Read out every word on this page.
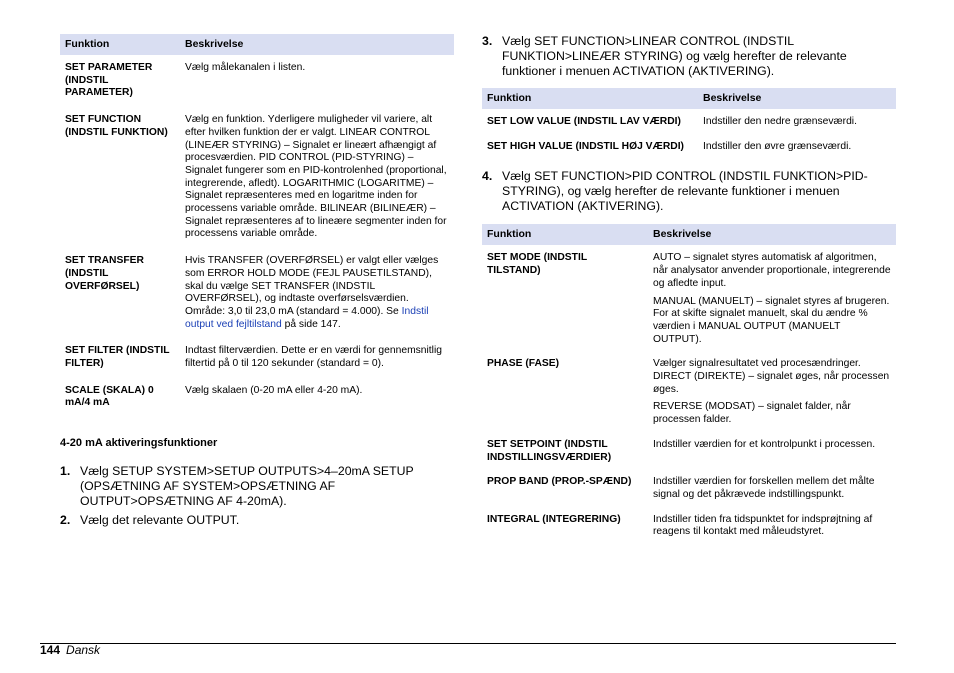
Funktion	Beskrivelse
SET PARAMETER (INDSTIL PARAMETER)	Vælg målekanalen i listen.
SET FUNCTION (INDSTIL FUNKTION)	Vælg en funktion. Yderligere muligheder vil variere, alt efter hvilken funktion der er valgt. LINEAR CONTROL (LINEÆR STYRING) – Signalet er lineært afhængigt af procesværdien. PID CONTROL (PID-STYRING) – Signalet fungerer som en PID-kontrolenhed (proportional, integrerende, afledt). LOGARITHMIC (LOGARITME) – Signalet repræsenteres med en logaritme inden for processens variable område. BILINEAR (BILINEÆR) – Signalet repræsenteres af to lineære segmenter inden for processens variable område.
SET TRANSFER (INDSTIL OVERFØRSEL)	Hvis TRANSFER (OVERFØRSEL) er valgt eller vælges som ERROR HOLD MODE (FEJL PAUSETILSTAND), skal du vælge SET TRANSFER (INDSTIL OVERFØRSEL), og indtaste overførselsværdien. Område: 3,0 til 23,0 mA (standard = 4.000). Se Indstil output ved fejltilstand på side 147.
SET FILTER (INDSTIL FILTER)	Indtast filterværdien. Dette er en værdi for gennemsnitlig filtertid på 0 til 120 sekunder (standard = 0).
SCALE (SKALA) 0 mA/4 mA	Vælg skalaen (0-20 mA eller 4-20 mA).
4-20 mA aktiveringsfunktioner
1. Vælg SETUP SYSTEM>SETUP OUTPUTS>4–20mA SETUP (OPSÆTNING AF SYSTEM>OPSÆTNING AF OUTPUT>OPSÆTNING AF 4-20mA).
2. Vælg det relevante OUTPUT.
3. Vælg SET FUNCTION>LINEAR CONTROL (INDSTIL FUNKTION>LINEÆR STYRING) og vælg herefter de relevante funktioner i menuen ACTIVATION (AKTIVERING).
Funktion	Beskrivelse
SET LOW VALUE (INDSTIL LAV VÆRDI)	Indstiller den nedre grænseværdi.
SET HIGH VALUE (INDSTIL HØJ VÆRDI)	Indstiller den øvre grænseværdi.
4. Vælg SET FUNCTION>PID CONTROL (INDSTIL FUNKTION>PID-STYRING), og vælg herefter de relevante funktioner i menuen ACTIVATION (AKTIVERING).
Funktion	Beskrivelse
SET MODE (INDSTIL TILSTAND)	AUTO – signalet styres automatisk af algoritmen, når analysator anvender proportionale, integrerende og afledte input.

MANUAL (MANUELT) – signalet styres af brugeren. For at skifte signalet manuelt, skal du ændre % værdien i MANUAL OUTPUT (MANUELT OUTPUT).

PHASE (FASE)	Vælger signalresultatet ved procesændringer.

DIRECT (DIREKTE) – signalet øges, når processen øges.

REVERSE (MODSAT) – signalet falder, når processen falder.

SET SETPOINT (INDSTIL INDSTILLINGSVÆRDIER)	Indstiller værdien for et kontrolpunkt i processen.
PROP BAND (PROP.-SPÆND)	Indstiller værdien for forskellen mellem det målte signal og det påkrævede indstillingspunkt.
INTEGRAL (INTEGRERING)	Indstiller tiden fra tidspunktet for indsprøjtning af reagens til kontakt med måleudstyret.
144 Dansk
